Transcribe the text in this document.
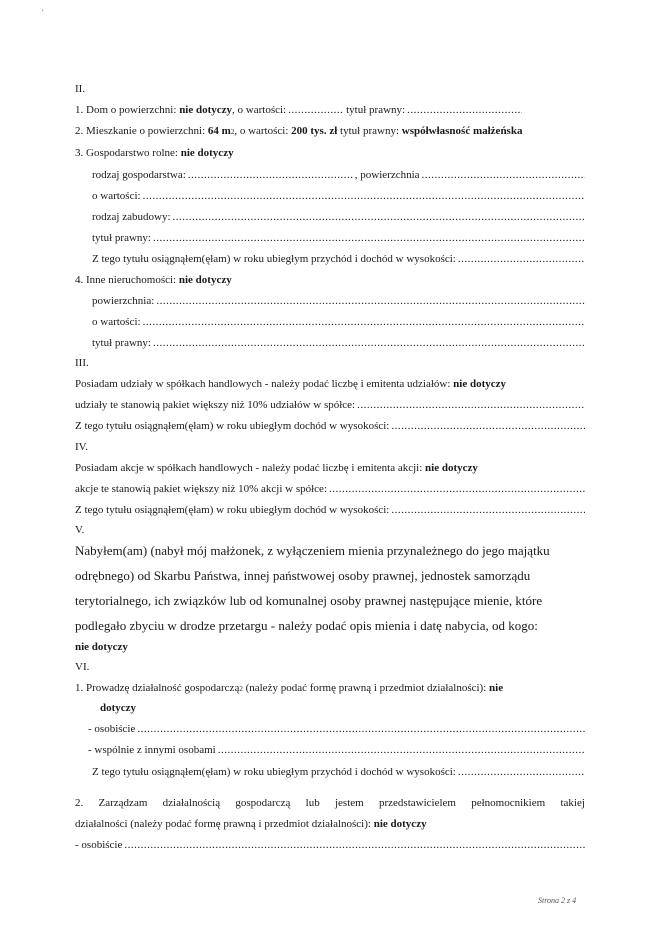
'
II.
1. Dom o powierzchni:
nie dotyczy , o wartości: .....	tytuł prawny:
.....
2. Mieszkanie o powierzchni:
64 m 2 , o wartości:
200 tys. zł
tytuł prawny:
współwłasność małżeńska
3. Gospodarstwo rolne:
nie dotyczy
rodzaj gospodarstwa: .....	, powierzchnia
.....
o wartości:
.....
rodzaj zabudowy:
.....
tytuł prawny:
.....
Z tego tytułu osiągnąłem(ęłam) w roku ubiegłym przychód i dochód w wysokości:
.....
4. Inne nieruchomości:
nie dotyczy
powierzchnia:
.....
o wartości:
.....
tytuł prawny:
.....
III.
Posiadam udziały w spółkach handlowych - należy podać liczbę i emitenta udziałów:
nie dotyczy
udziały te stanowią pakiet większy niż 10% udziałów w spółce:
.....
Z tego tytułu osiągnąłem(ęłam) w roku ubiegłym dochód w wysokości:
.....
IV.
Posiadam akcje w spółkach handlowych - należy podać liczbę i emitenta akcji:
nie dotyczy
akcje te stanowią pakiet większy niż 10% akcji w spółce:
.....
Z tego tytułu osiągnąłem(ęłam) w roku ubiegłym dochód w wysokości:
.....
V.
Nabyłem(am) (nabył mój małżonek, z wyłączeniem mienia przynależnego do jego majątku
odrębnego) od Skarbu Państwa, innej państwowej osoby prawnej, jednostek samorządu
terytorialnego, ich związków lub od komunalnej osoby prawnej następujące mienie, które
podlegało zbyciu w drodze przetargu - należy podać opis mienia i datę nabycia, od kogo:
nie dotyczy
VI.
1. Prowadzę działalność gospodarczą 2
(należy podać formę prawną i przedmiot działalności):
nie
dotyczy
- osobiście
.....
- wspólnie z innymi osobami
.....
Z tego tytułu osiągnąłem(ęłam) w roku ubiegłym przychód i dochód w wysokości:
.....
2. Zarządzam działalnością gospodarczą lub jestem przedstawicielem pełnomocnikiem takiej
działalności (należy podać formę prawną i przedmiot działalności):
nie dotyczy
- osobiście
.....
Strona 2 z 4
